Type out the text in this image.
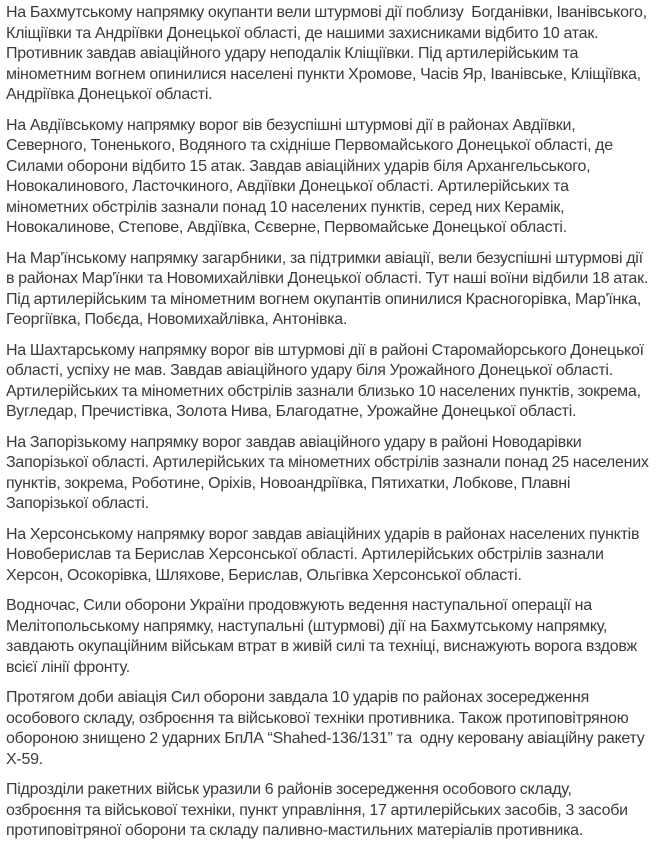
На Бахмутському напрямку окупанти вели штурмові дії поблизу  Богданівки, Іванівського, Кліщіївки та Андріївки Донецької області, де нашими захисниками відбито 10 атак. Противник завдав авіаційного удару неподалік Кліщіївки. Під артилерійським та мінометним вогнем опинилися населені пункти Хромове, Часів Яр, Іванівське, Кліщіївка, Андріївка Донецької області.

На Авдіївському напрямку ворог вів безуспішні штурмові дії в районах Авдіївки, Северного, Тоненького, Водяного та східніше Первомайського Донецької області, де Силами оборони відбито 15 атак. Завдав авіаційних ударів біля Архангельського, Новокалинового, Ласточкиного, Авдіївки Донецької області. Артилерійських та мінометних обстрілів зазнали понад 10 населених пунктів, серед них Керамік, Новокалинове, Степове, Авдіївка, Сєверне, Первомайське Донецької області.

На Мар'їнському напрямку загарбники, за підтримки авіації, вели безуспішні штурмові дії в районах Мар'їнки та Новомихайлівки Донецької області. Тут наші воїни відбили 18 атак. Під артилерійським та мінометним вогнем окупантів опинилися Красногорівка, Мар'їнка, Георгіївка, Побєда, Новомихайлівка, Антонівка.

На Шахтарському напрямку ворог вів штурмові дії в районі Старомайорського Донецької області, успіху не мав. Завдав авіаційного удару біля Урожайного Донецької області. Артилерійських та мінометних обстрілів зазнали близько 10 населених пунктів, зокрема, Вугледар, Пречистівка, Золота Нива, Благодатне, Урожайне Донецької області.

На Запорізькому напрямку ворог завдав авіаційного удару в районі Новодарівки Запорізької області. Артилерійських та мінометних обстрілів зазнали понад 25 населених пунктів, зокрема, Роботине, Оріхів, Новоандріївка, Пятихатки, Лобкове, Плавні Запорізької області.

На Херсонському напрямку ворог завдав авіаційних ударів в районах населених пунктів Новоберислав та Берислав Херсонської області. Артилерійських обстрілів зазнали Херсон, Осокорівка, Шляхове, Берислав, Ольгівка Херсонської області.

Водночас, Сили оборони України продовжують ведення наступальної операції на Мелітопольському напрямку, наступальні (штурмові) дії на Бахмутському напрямку, завдають окупаційним військам втрат в живій силі та техніці, виснажують ворога вздовж всієї лінії фронту.

Протягом доби авіація Сил оборони завдала 10 ударів по районах зосередження особового складу, озброєння та військової техніки противника. Також протиповітряною обороною знищено 2 ударних БпЛА “Shahed-136/131” та  одну керовану авіаційну ракету Х-59.

Підрозділи ракетних військ уразили 6 районів зосередження особового складу, озброєння та військової техніки, пункт управління, 17 артилерійських засобів, 3 засоби протиповітряної оборони та складу паливно-мастильних матеріалів противника.
